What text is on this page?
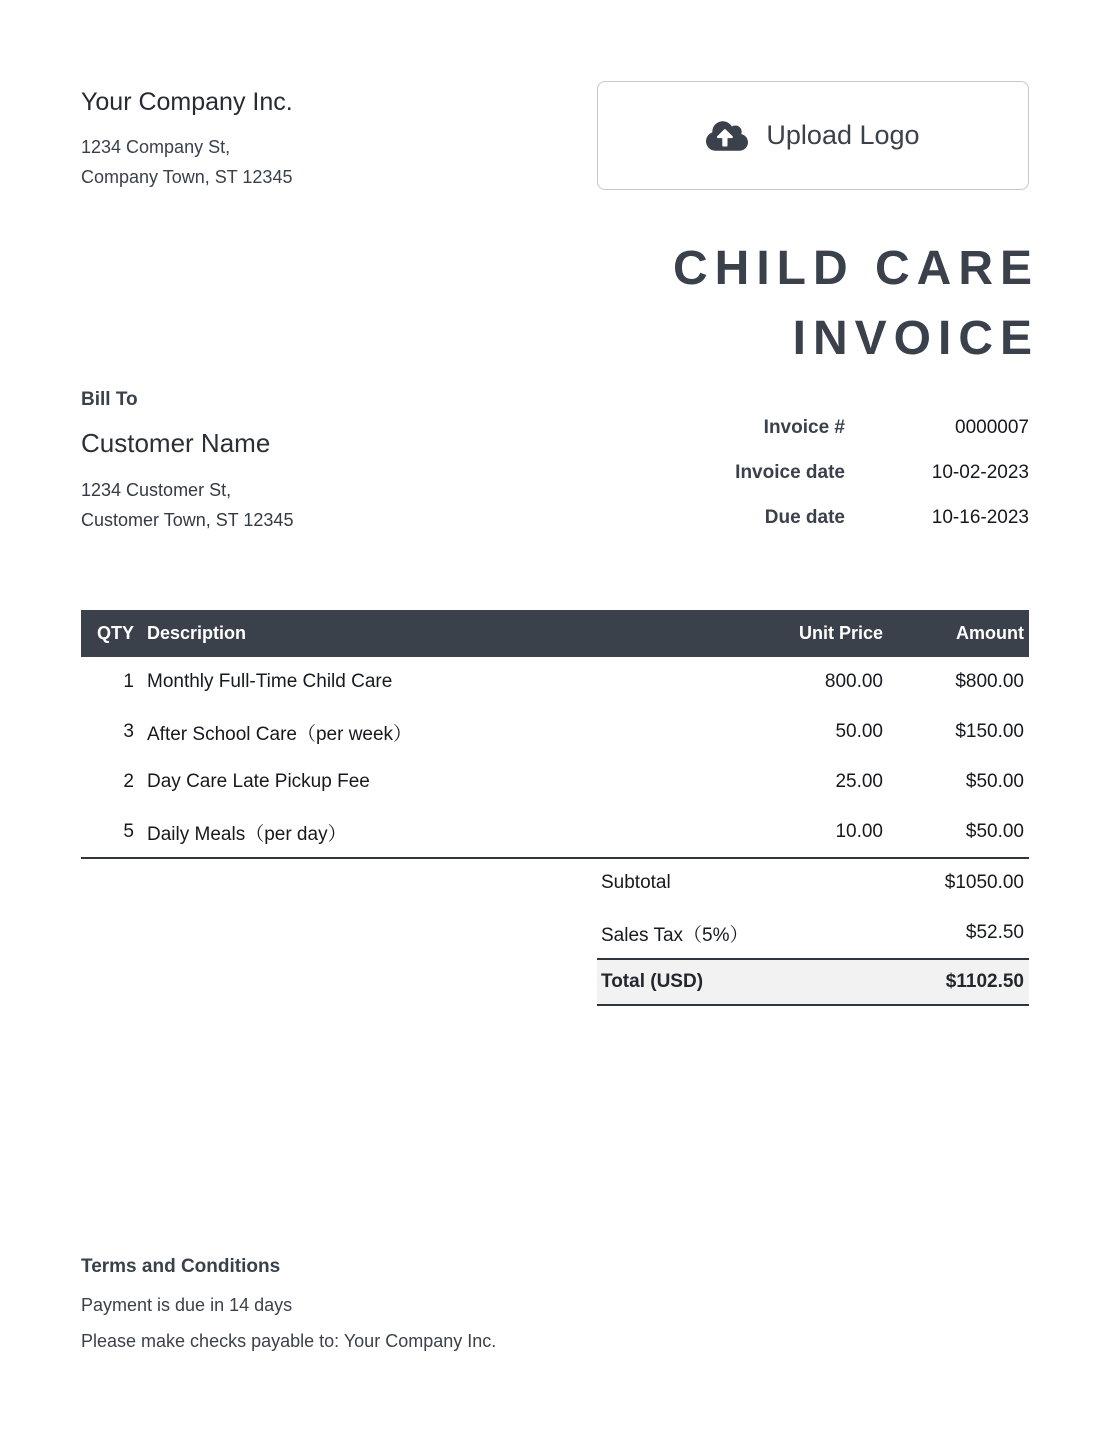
Your Company Inc.
1234 Company St,
Company Town, ST 12345
Upload Logo
CHILD CARE
INVOICE
Bill To
Customer Name
1234 Customer St,
Customer Town, ST 12345
Invoice #	0000007
Invoice date	10-02-2023
Due date	10-16-2023
QTY Description	Unit Price	Amount
1 Monthly Full-Time Child Care	800.00	$800.00
3 After School Care（per week）	50.00	$150.00
2 Day Care Late Pickup Fee	25.00	$50.00
5 Daily Meals（per day）	10.00	$50.00
Subtotal	$1050.00
Sales Tax（5%）	$52.50
Total (USD)	$1102.50
Terms and Conditions
Payment is due in 14 days
Please make checks payable to: Your Company Inc.
